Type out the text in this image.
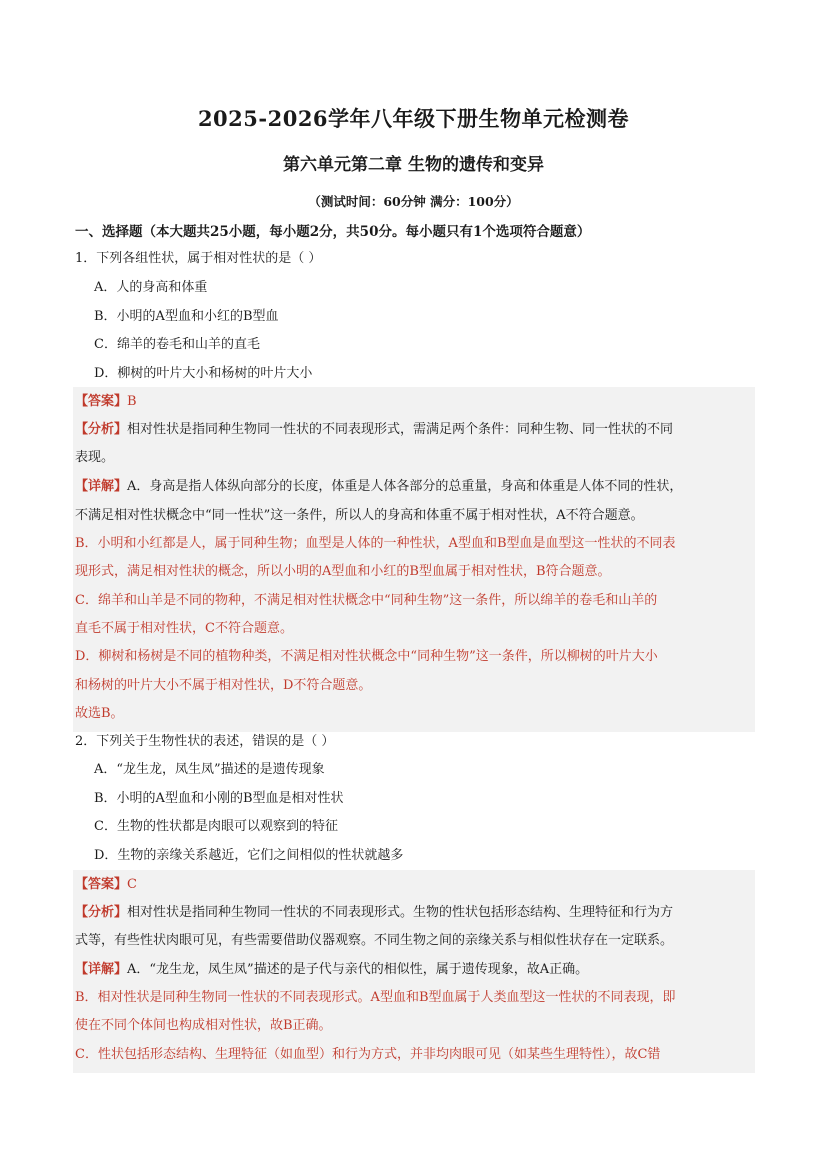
2025-2026学年八年级下册生物单元检测卷
第六单元第二章 生物的遗传和变异
（测试时间：60分钟 满分：100分）
一、选择题（本大题共25小题，每小题2分，共50分。每小题只有1个选项符合题意）
1．下列各组性状，属于相对性状的是（ ）
A．人的身高和体重
B．小明的A型血和小红的B型血
C．绵羊的卷毛和山羊的直毛
D．柳树的叶片大小和杨树的叶片大小
【答案】B
【分析】相对性状是指同种生物同一性状的不同表现形式，需满足两个条件：同种生物、同一性状的不同
表现。
【详解】A．身高是指人体纵向部分的长度，体重是人体各部分的总重量，身高和体重是人体不同的性状，
不满足相对性状概念中“同一性状”这一条件，所以人的身高和体重不属于相对性状，A不符合题意。
B．小明和小红都是人，属于同种生物；血型是人体的一种性状，A型血和B型血是血型这一性状的不同表
现形式，满足相对性状的概念，所以小明的A型血和小红的B型血属于相对性状，B符合题意。
C．绵羊和山羊是不同的物种，不满足相对性状概念中“同种生物”这一条件，所以绵羊的卷毛和山羊的
直毛不属于相对性状，C不符合题意。
D．柳树和杨树是不同的植物种类，不满足相对性状概念中“同种生物”这一条件，所以柳树的叶片大小
和杨树的叶片大小不属于相对性状，D不符合题意。
故选B。
2．下列关于生物性状的表述，错误的是（ ）
A．“龙生龙，凤生凤”描述的是遗传现象
B．小明的A型血和小刚的B型血是相对性状
C．生物的性状都是肉眼可以观察到的特征
D．生物的亲缘关系越近，它们之间相似的性状就越多
【答案】C
【分析】相对性状是指同种生物同一性状的不同表现形式。生物的性状包括形态结构、生理特征和行为方
式等，有些性状肉眼可见，有些需要借助仪器观察。不同生物之间的亲缘关系与相似性状存在一定联系。
【详解】A．“龙生龙，凤生凤”描述的是子代与亲代的相似性，属于遗传现象，故A正确。
B．相对性状是同种生物同一性状的不同表现形式。A型血和B型血属于人类血型这一性状的不同表现，即
使在不同个体间也构成相对性状，故B正确。
C．性状包括形态结构、生理特征（如血型）和行为方式，并非均肉眼可见（如某些生理特性），故C错
